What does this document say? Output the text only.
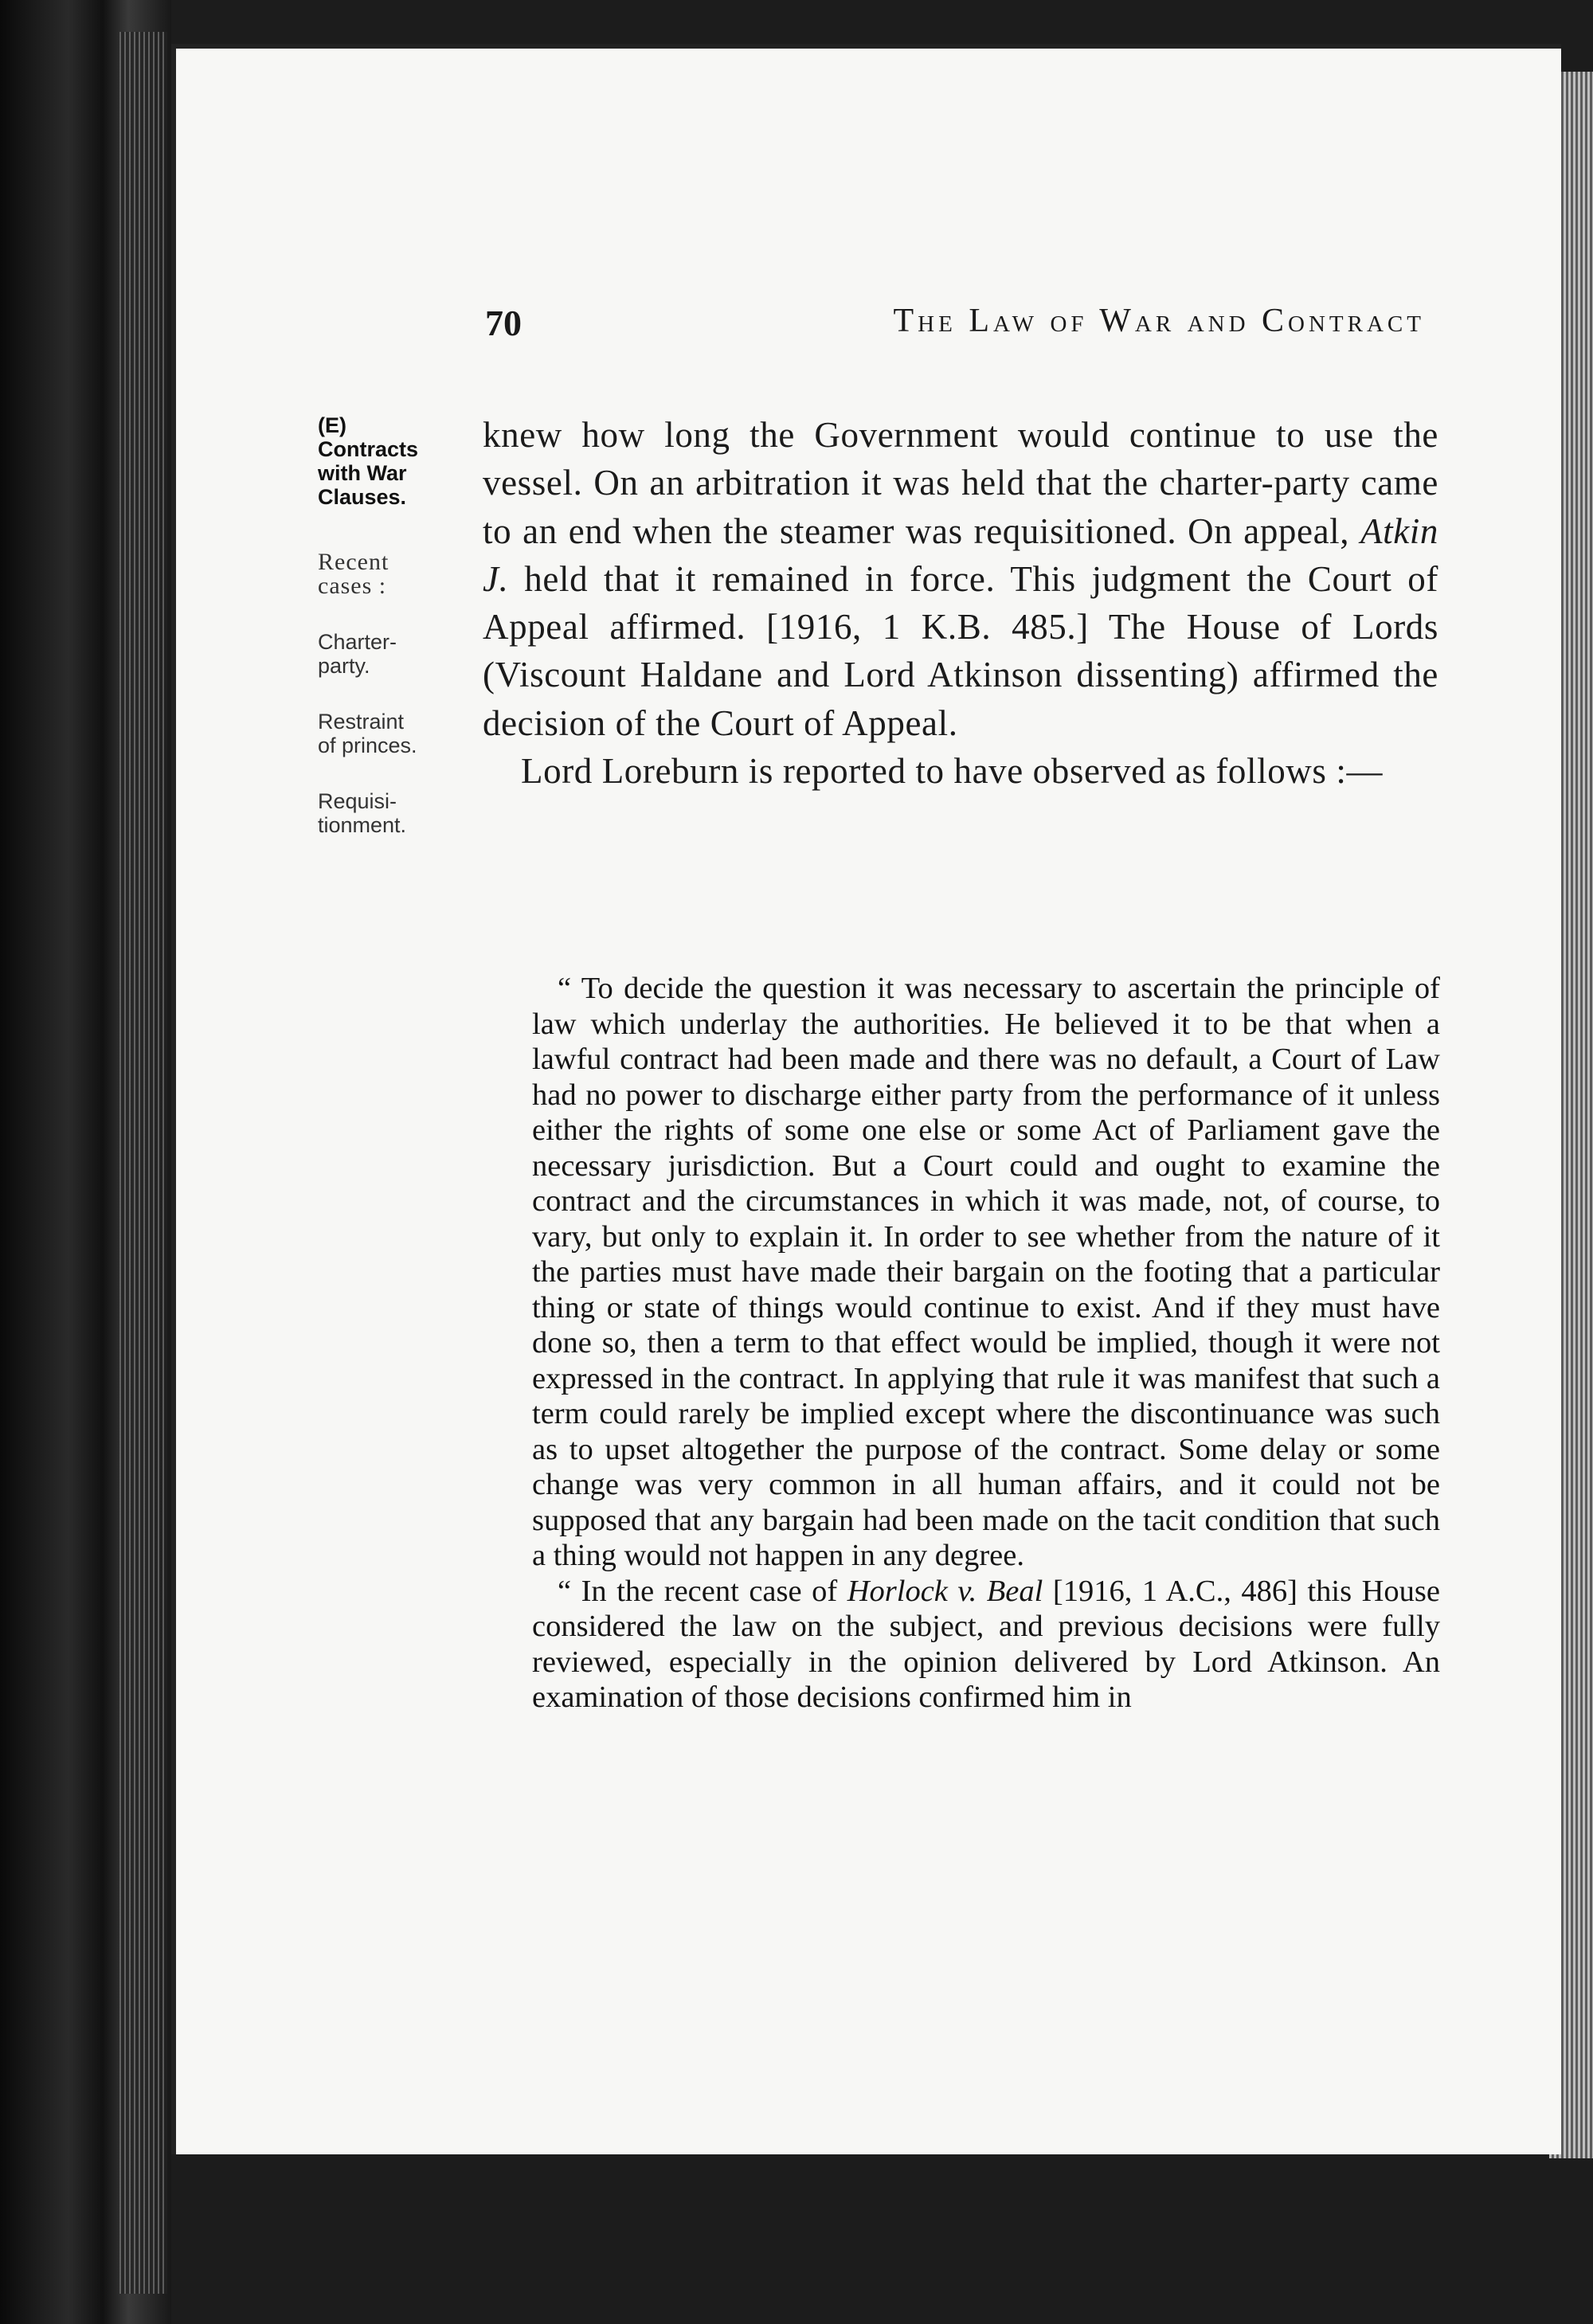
70	The Law of War and Contract
(E)
Contracts
with War
Clauses.
Recent
cases :
Charter-
party.
Restraint
of princes.
Requisi-
tionment.

knew how long the Government would continue to use the vessel. On an arbitration it was held that the charter-party came to an end when the steamer was requisitioned. On appeal, Atkin J. held that it remained in force. This judgment the Court of Appeal affirmed. [1916, 1 K.B. 485.] The House of Lords (Viscount Haldane and Lord Atkinson dissenting) affirmed the decision of the Court of Appeal.

Lord Loreburn is reported to have observed as follows :—

“ To decide the question it was necessary to ascertain the principle of law which underlay the authorities. He believed it to be that when a lawful contract had been made and there was no default, a Court of Law had no power to discharge either party from the performance of it unless either the rights of some one else or some Act of Parliament gave the necessary jurisdiction. But a Court could and ought to examine the contract and the circumstances in which it was made, not, of course, to vary, but only to explain it. In order to see whether from the nature of it the parties must have made their bargain on the footing that a particular thing or state of things would continue to exist. And if they must have done so, then a term to that effect would be implied, though it were not expressed in the contract. In applying that rule it was manifest that such a term could rarely be implied except where the discontinuance was such as to upset altogether the purpose of the contract. Some delay or some change was very common in all human affairs, and it could not be supposed that any bargain had been made on the tacit condition that such a thing would not happen in any degree.

“ In the recent case of Horlock v. Beal [1916, 1 A.C., 486] this House considered the law on the subject, and previous decisions were fully reviewed, especially in the opinion delivered by Lord Atkinson. An examination of those decisions confirmed him in
